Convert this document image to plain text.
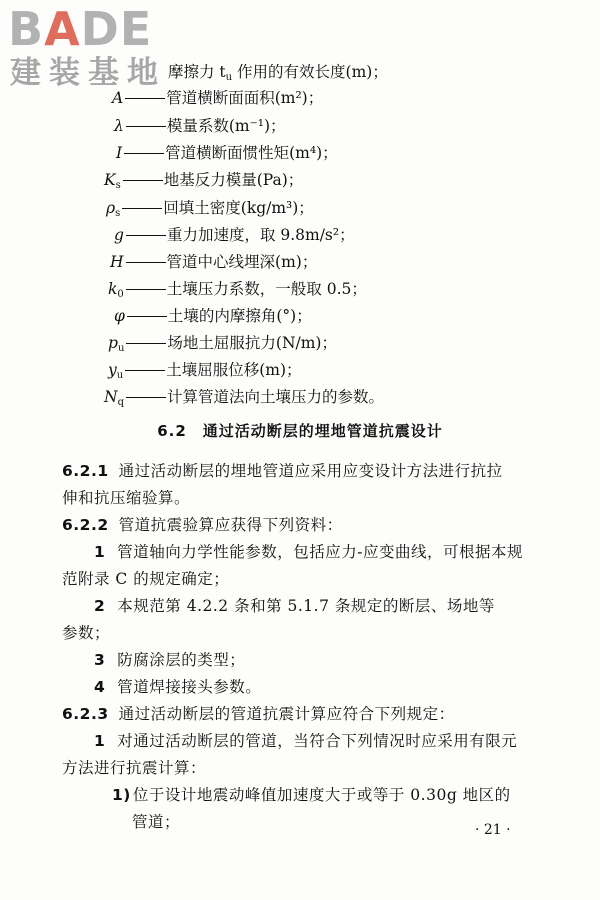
BADE
建装基地 摩擦力 $t_u$ 作用的有效长度(m)；
A	管道横断面面积(m²)；
λ	模量系数(m⁻¹)；
I	管道横断面惯性矩(m⁴)；
$K_s$	地基反力模量(Pa)；
$\rho_s$	回填土密度(kg/m³)；
g	重力加速度，取 9.8m/s²；
H	管道中心线埋深(m)；
$k_0$	土壤压力系数，一般取 0.5；
φ	土壤的内摩擦角(°)；
$p_u$	场地土屈服抗力(N/m)；
$y_u$	土壤屈服位移(m)；
$N_q$	计算管道法向土壤压力的参数。
6.2　通过活动断层的埋地管道抗震设计
6.2.1 通过活动断层的埋地管道应采用应变设计方法进行抗拉
伸和抗压缩验算。
6.2.2 管道抗震验算应获得下列资料：
1 管道轴向力学性能参数，包括应力-应变曲线，可根据本规
范附录 C 的规定确定；
2 本规范第 4.2.2 条和第 5.1.7 条规定的断层、场地等
参数；
3 防腐涂层的类型；
4 管道焊接接头参数。
6.2.3 通过活动断层的管道抗震计算应符合下列规定：
1 对通过活动断层的管道，当符合下列情况时应采用有限元
方法进行抗震计算：
1) 位于设计地震动峰值加速度大于或等于 0.30g 地区的
管道；	· 21 ·
